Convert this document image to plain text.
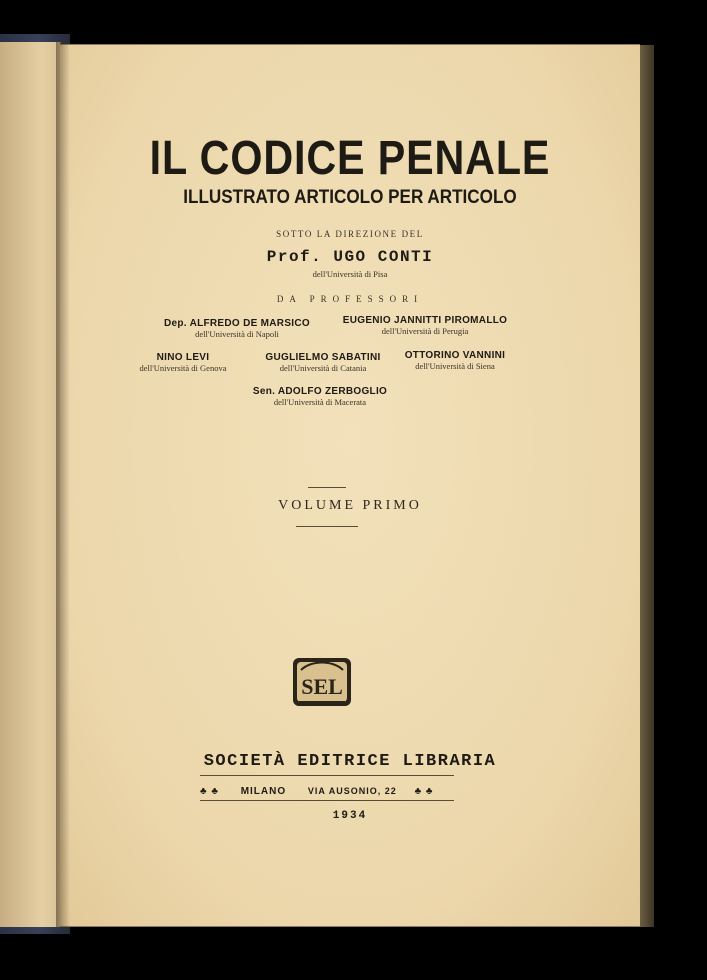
IL CODICE PENALE
ILLUSTRATO ARTICOLO PER ARTICOLO
SOTTO LA DIREZIONE DEL
Prof. UGO CONTI
dell'Università di Pisa
DA PROFESSORI
Dep. ALFREDO DE MARSICO
dell'Università di Napoli
EUGENIO JANNITTI PIROMALLO
dell'Università di Perugia
NINO LEVI
dell'Università di Genova
GUGLIELMO SABATINI
dell'Università di Catania
OTTORINO VANNINI
dell'Università di Siena
Sen. ADOLFO ZERBOGLIO
dell'Università di Macerata
VOLUME PRIMO
SEL
SOCIETÀ EDITRICE LIBRARIA
♣ ♣ MILANO VIA AUSONIO, 22 ♣ ♣
1934
